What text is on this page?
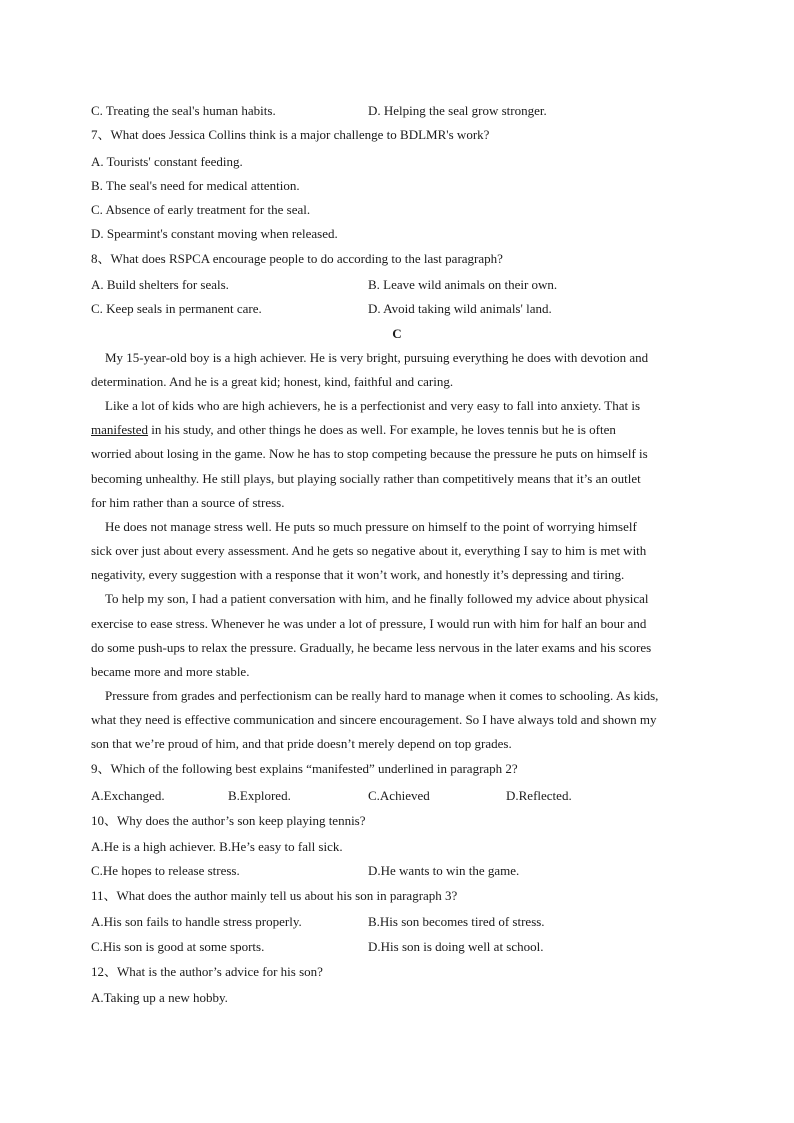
C. Treating the seal's human habits.	D. Helping the seal grow stronger.
7、What does Jessica Collins think is a major challenge to BDLMR's work?
A. Tourists' constant feeding.
B. The seal's need for medical attention.
C. Absence of early treatment for the seal.
D. Spearmint's constant moving when released.
8、What does RSPCA encourage people to do according to the last paragraph?
A. Build shelters for seals.	B. Leave wild animals on their own.
C. Keep seals in permanent care.	D. Avoid taking wild animals' land.
C
My 15-year-old boy is a high achiever. He is very bright, pursuing everything he does with devotion and
determination. And he is a great kid; honest, kind, faithful and caring.
Like a lot of kids who are high achievers, he is a perfectionist and very easy to fall into anxiety. That is
manifested in his study, and other things he does as well. For example, he loves tennis but he is often
worried about losing in the game. Now he has to stop competing because the pressure he puts on himself is
becoming unhealthy. He still plays, but playing socially rather than competitively means that it’s an outlet
for him rather than a source of stress.
He does not manage stress well. He puts so much pressure on himself to the point of worrying himself
sick over just about every assessment. And he gets so negative about it, everything I say to him is met with
negativity, every suggestion with a response that it won’t work, and honestly it’s depressing and tiring.
To help my son, I had a patient conversation with him, and he finally followed my advice about physical
exercise to ease stress. Whenever he was under a lot of pressure, I would run with him for half an bour and
do some push-ups to relax the pressure. Gradually, he became less nervous in the later exams and his scores
became more and more stable.
Pressure from grades and perfectionism can be really hard to manage when it comes to schooling. As kids,
what they need is effective communication and sincere encouragement. So I have always told and shown my
son that we’re proud of him, and that pride doesn’t merely depend on top grades.
9、Which of the following best explains “manifested” underlined in paragraph 2?
A.Exchanged.	B.Explored.	C.Achieved	D.Reflected.
10、Why does the author’s son keep playing tennis?
A.He is a high achiever. B.He’s easy to fall sick.
C.He hopes to release stress.	D.He wants to win the game.
11、What does the author mainly tell us about his son in paragraph 3?
A.His son fails to handle stress properly.	B.His son becomes tired of stress.
C.His son is good at some sports.	D.His son is doing well at school.
12、What is the author’s advice for his son?
A.Taking up a new hobby.
